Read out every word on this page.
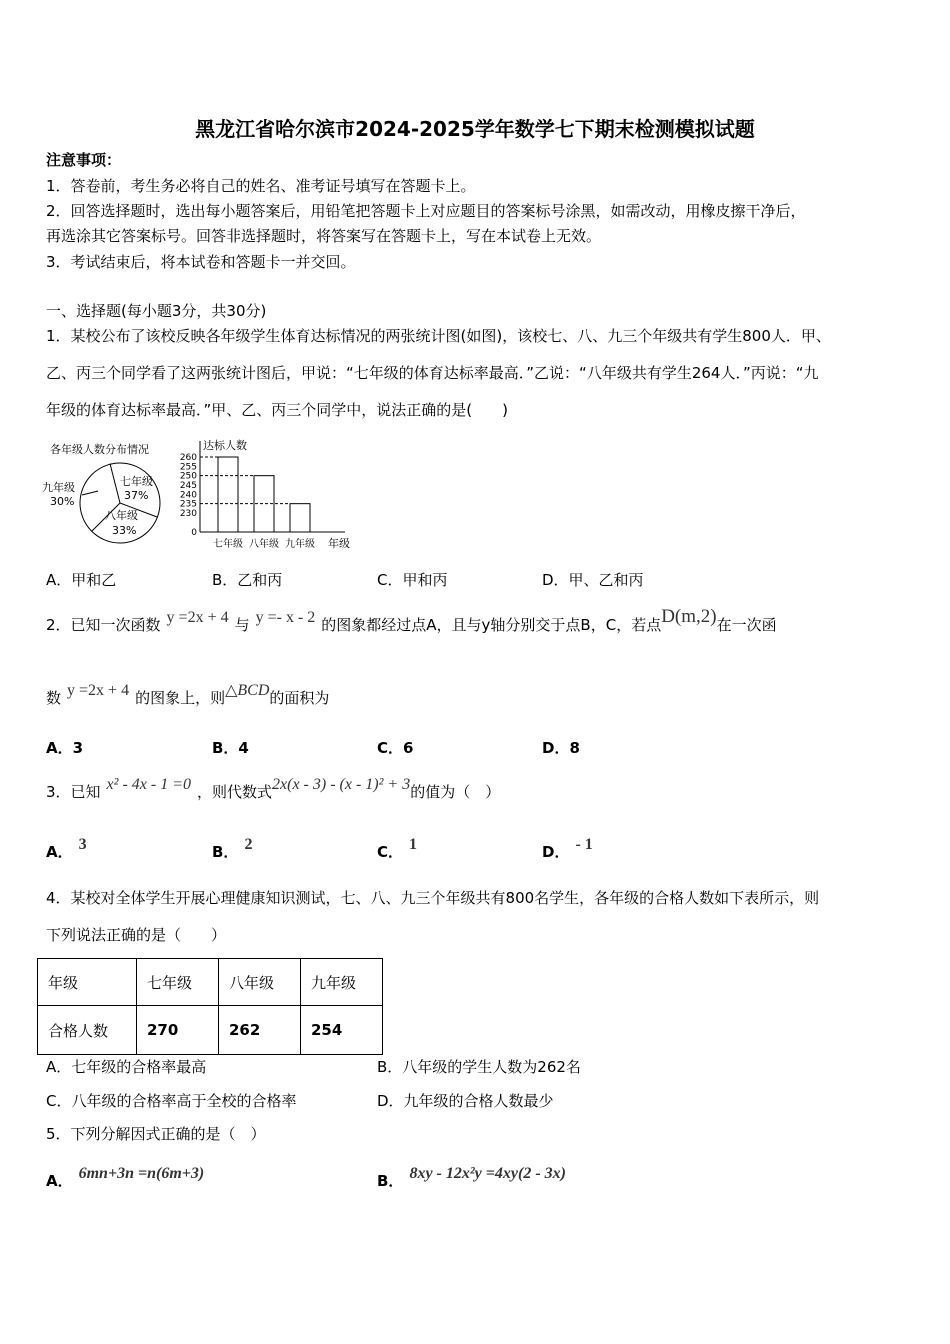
黑龙江省哈尔滨市2024-2025学年数学七下期末检测模拟试题
注意事项：
1．答卷前，考生务必将自己的姓名、准考证号填写在答题卡上。
2．回答选择题时，选出每小题答案后，用铅笔把答题卡上对应题目的答案标号涂黑，如需改动，用橡皮擦干净后，
再选涂其它答案标号。回答非选择题时，将答案写在答题卡上，写在本试卷上无效。
3．考试结束后，将本试卷和答题卡一并交回。
一、选择题(每小题3分，共30分)
1．某校公布了该校反映各年级学生体育达标情况的两张统计图(如图)，该校七、八、九三个年级共有学生800人．甲、
乙、丙三个同学看了这两张统计图后，甲说：“七年级的体育达标率最高．”乙说：“八年级共有学生264人．”丙说：“九
年级的体育达标率最高．”甲、乙、丙三个同学中，说法正确的是(　　)
各年级人数分布情况
七年级
37%
八年级
33%
九年级
30%
达标人数
年级
260
255
250
245
240
235
230
0
七年级 八年级 九年级
A．甲和乙	B．乙和丙	C．甲和丙	D．甲、乙和丙
2．已知一次函数 y =2x + 4 与 y =- x - 2 的图象都经过点A，且与y轴分别交于点B，C，若点D(m,2)在一次函
数 y =2x + 4 的图象上，则△BCD的面积为
A．3	B．4	C．6	D．8
3．已知 x² - 4x - 1 =0 ，则代数式2x(x - 3) - (x - 1)² + 3的值为（　）
A． 3	B． 2	C． 1	D． - 1
4．某校对全体学生开展心理健康知识测试，七、八、九三个年级共有800名学生，各年级的合格人数如下表所示，则
下列说法正确的是（　　）
年级	七年级	八年级	九年级
合格人数	270	262	254
A．七年级的合格率最高	B．八年级的学生人数为262名
C．八年级的合格率高于全校的合格率	D．九年级的合格人数最少
5．下列分解因式正确的是（　）
A． 6mn+3n =n(6m+3)	B． 8xy - 12x²y =4xy(2 - 3x)
